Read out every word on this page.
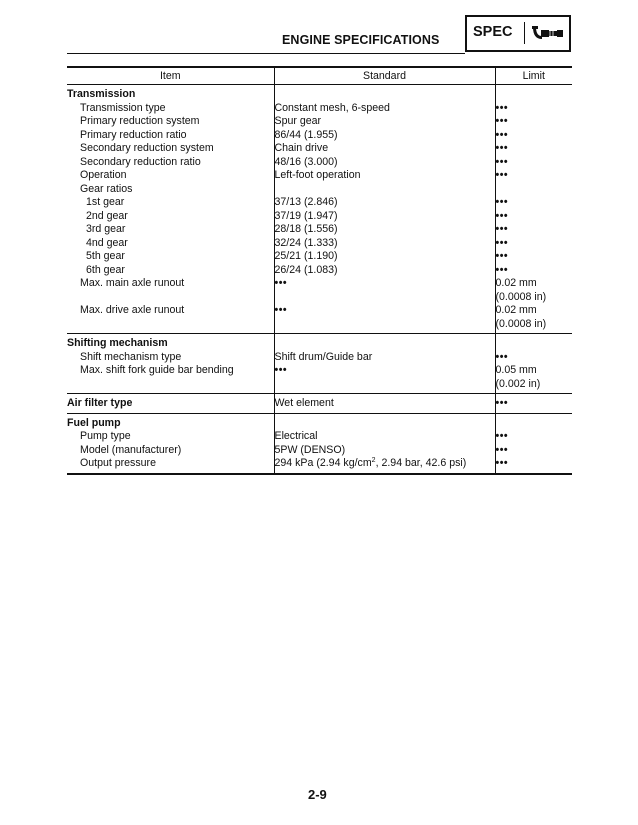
ENGINE SPECIFICATIONS SPEC
Item	Standard	Limit
Transmission		
Transmission type	Constant mesh, 6-speed	•••
Primary reduction system	Spur gear	•••
Primary reduction ratio	86/44 (1.955)	•••
Secondary reduction system	Chain drive	•••
Secondary reduction ratio	48/16 (3.000)	•••
Operation	Left-foot operation	•••
Gear ratios		
1st gear	37/13 (2.846)	•••
2nd gear	37/19 (1.947)	•••
3rd gear	28/18 (1.556)	•••
4nd gear	32/24 (1.333)	•••
5th gear	25/21 (1.190)	•••
6th gear	26/24 (1.083)	•••
Max. main axle runout	•••	0.02 mm
(0.0008 in)

Max. drive axle runout	•••	0.02 mm
(0.0008 in)

Shifting mechanism		
Shift mechanism type	Shift drum/Guide bar	•••
Max. shift fork guide bar bending	•••	0.05 mm
(0.002 in)

Air filter type	Wet element	•••
Fuel pump		
Pump type	Electrical	•••
Model (manufacturer)	5PW (DENSO)	•••
Output pressure	294 kPa (2.94 $kg/cm^2$, 2.94 bar, 42.6 psi)	•••
2-9
